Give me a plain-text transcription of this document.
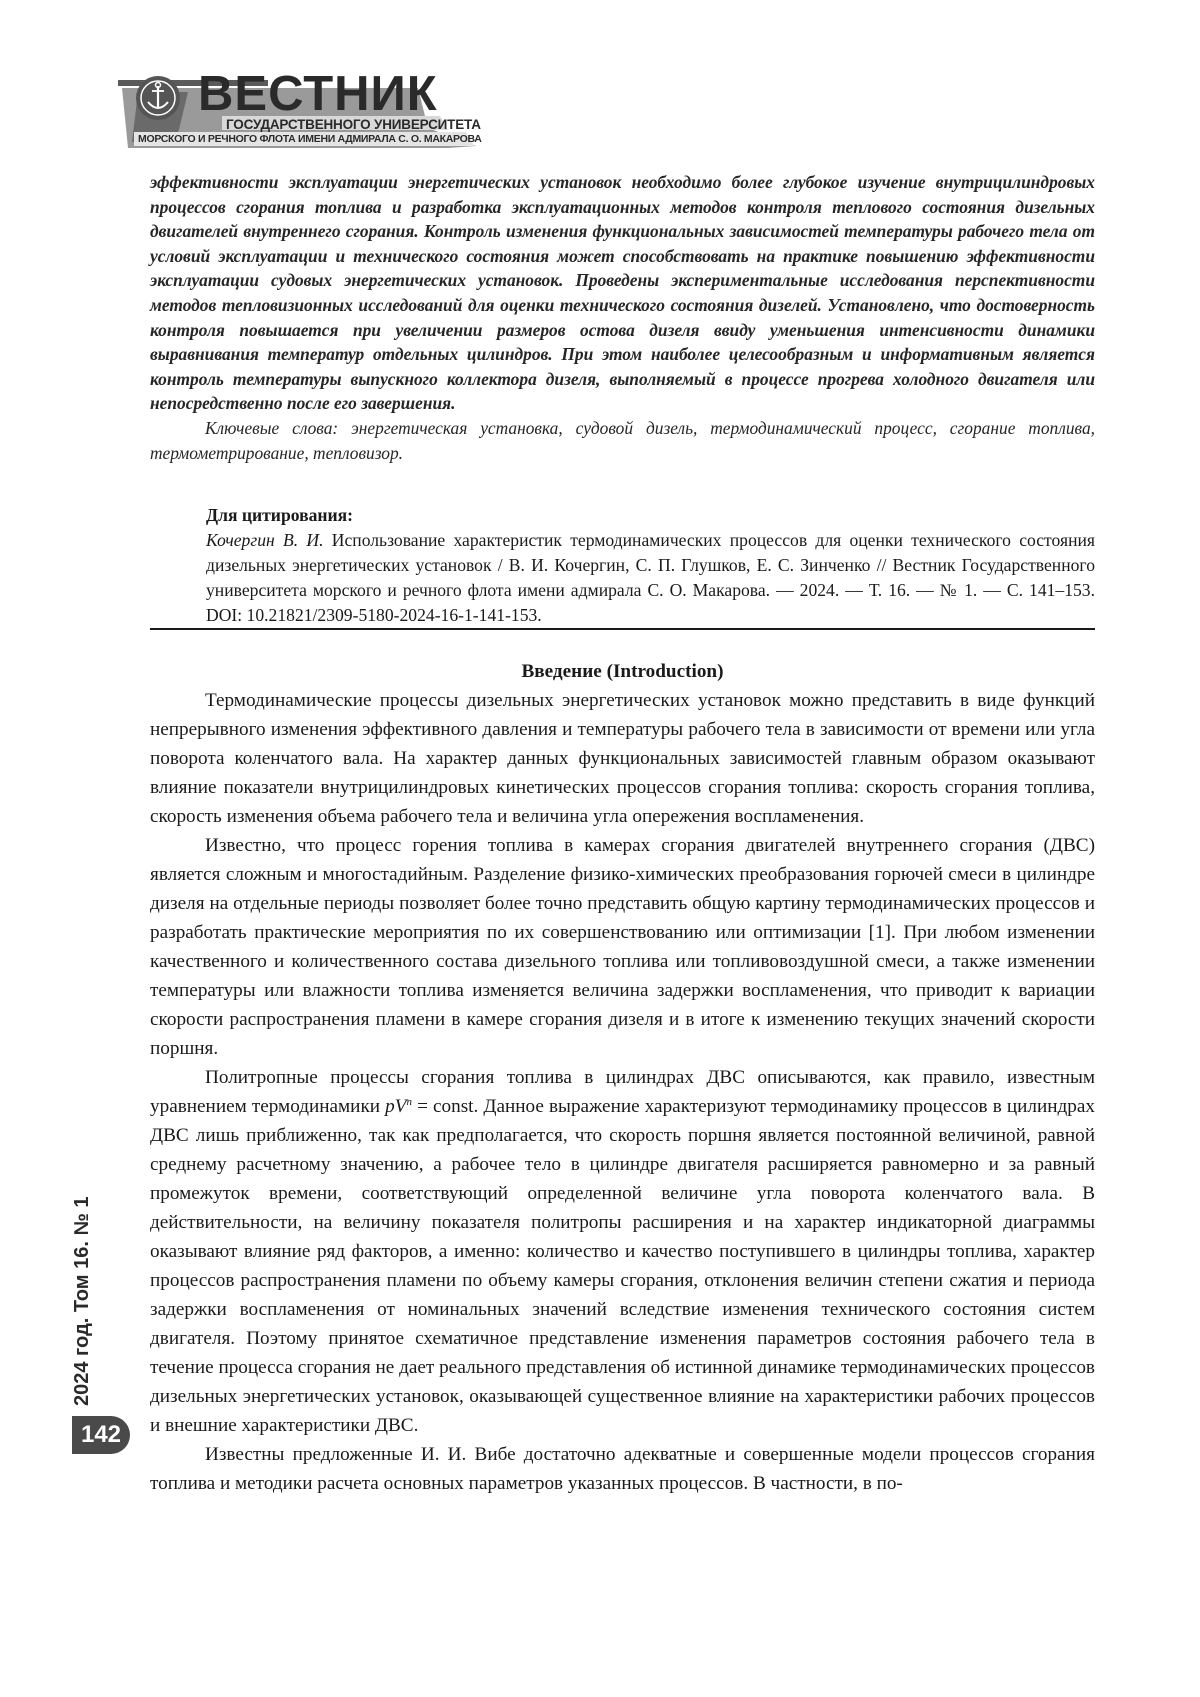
ВЕСТНИК
ГОСУДАРСТВЕННОГО УНИВЕРСИТЕТА
МОРСКОГО И РЕЧНОГО ФЛОТА ИМЕНИ АДМИРАЛА С. О. МАКАРОВА

эффективности эксплуатации энергетических установок необходимо более глубокое изучение внутрицилиндровых процессов сгорания топлива и разработка эксплуатационных методов контроля теплового состояния дизельных двигателей внутреннего сгорания. Контроль изменения функциональных зависимостей температуры рабочего тела от условий эксплуатации и технического состояния может способствовать на практике повышению эффективности эксплуатации судовых энергетических установок. Проведены экспериментальные исследования перспективности методов тепловизионных исследований для оценки технического состояния дизелей. Установлено, что достоверность контроля повышается при увеличении размеров остова дизеля ввиду уменьшения интенсивности динамики выравнивания температур отдельных цилиндров. При этом наиболее целесообразным и информативным является контроль температуры выпускного коллектора дизеля, выполняемый в процессе прогрева холодного двигателя или непосредственно после его завершения.

Ключевые слова: энергетическая установка, судовой дизель, термодинамический процесс, сгорание топлива, термометрирование, тепловизор.

Для цитирования:
Кочергин В. И. Использование характеристик термодинамических процессов для оценки технического состояния дизельных энергетических установок / В. И. Кочергин, С. П. Глушков, Е. С. Зинченко // Вестник Государственного университета морского и речного флота имени адмирала С. О. Макарова. — 2024. — Т. 16. — № 1. — С. 141–153. DOI: 10.21821/2309-5180-2024-16-1-141-153.
Введение (Introduction)

Термодинамические процессы дизельных энергетических установок можно представить в виде функций непрерывного изменения эффективного давления и температуры рабочего тела в зависимости от времени или угла поворота коленчатого вала. На характер данных функциональных зависимостей главным образом оказывают влияние показатели внутрицилиндровых кинетических процессов сгорания топлива: скорость сгорания топлива, скорость изменения объема рабочего тела и величина угла опережения воспламенения.

Известно, что процесс горения топлива в камерах сгорания двигателей внутреннего сгорания (ДВС) является сложным и многостадийным. Разделение физико-химических преобразования горючей смеси в цилиндре дизеля на отдельные периоды позволяет более точно представить общую картину термодинамических процессов и разработать практические мероприятия по их совершенствованию или оптимизации [1]. При любом изменении качественного и количественного состава дизельного топлива или топливовоздушной смеси, а также изменении температуры или влажности топлива изменяется величина задержки воспламенения, что приводит к вариации скорости распространения пламени в камере сгорания дизеля и в итоге к изменению текущих значений скорости поршня.

Политропные процессы сгорания топлива в цилиндрах ДВС описываются, как правило, известным уравнением термодинамики $pV^n$ = const. Данное выражение характеризуют термодинамику процессов в цилиндрах ДВС лишь приближенно, так как предполагается, что скорость поршня является постоянной величиной, равной среднему расчетному значению, а рабочее тело в цилиндре двигателя расширяется равномерно и за равный промежуток времени, соответствующий определенной величине угла поворота коленчатого вала. В действительности, на величину показателя политропы расширения и на характер индикаторной диаграммы оказывают влияние ряд факторов, а именно: количество и качество поступившего в цилиндры топлива, характер процессов распространения пламени по объему камеры сгорания, отклонения величин степени сжатия и периода задержки воспламенения от номинальных значений вследствие изменения технического состояния систем двигателя. Поэтому принятое схематичное представление изменения параметров состояния рабочего тела в течение процесса сгорания не дает реального представления об истинной динамике термодинамических процессов дизельных энергетических установок, оказывающей существенное влияние на характеристики рабочих процессов и внешние характеристики ДВС.

Известны предложенные И. И. Вибе достаточно адекватные и совершенные модели процессов сгорания топлива и методики расчета основных параметров указанных процессов. В частности, в по-

2024 год. Том 16. № 1
142
